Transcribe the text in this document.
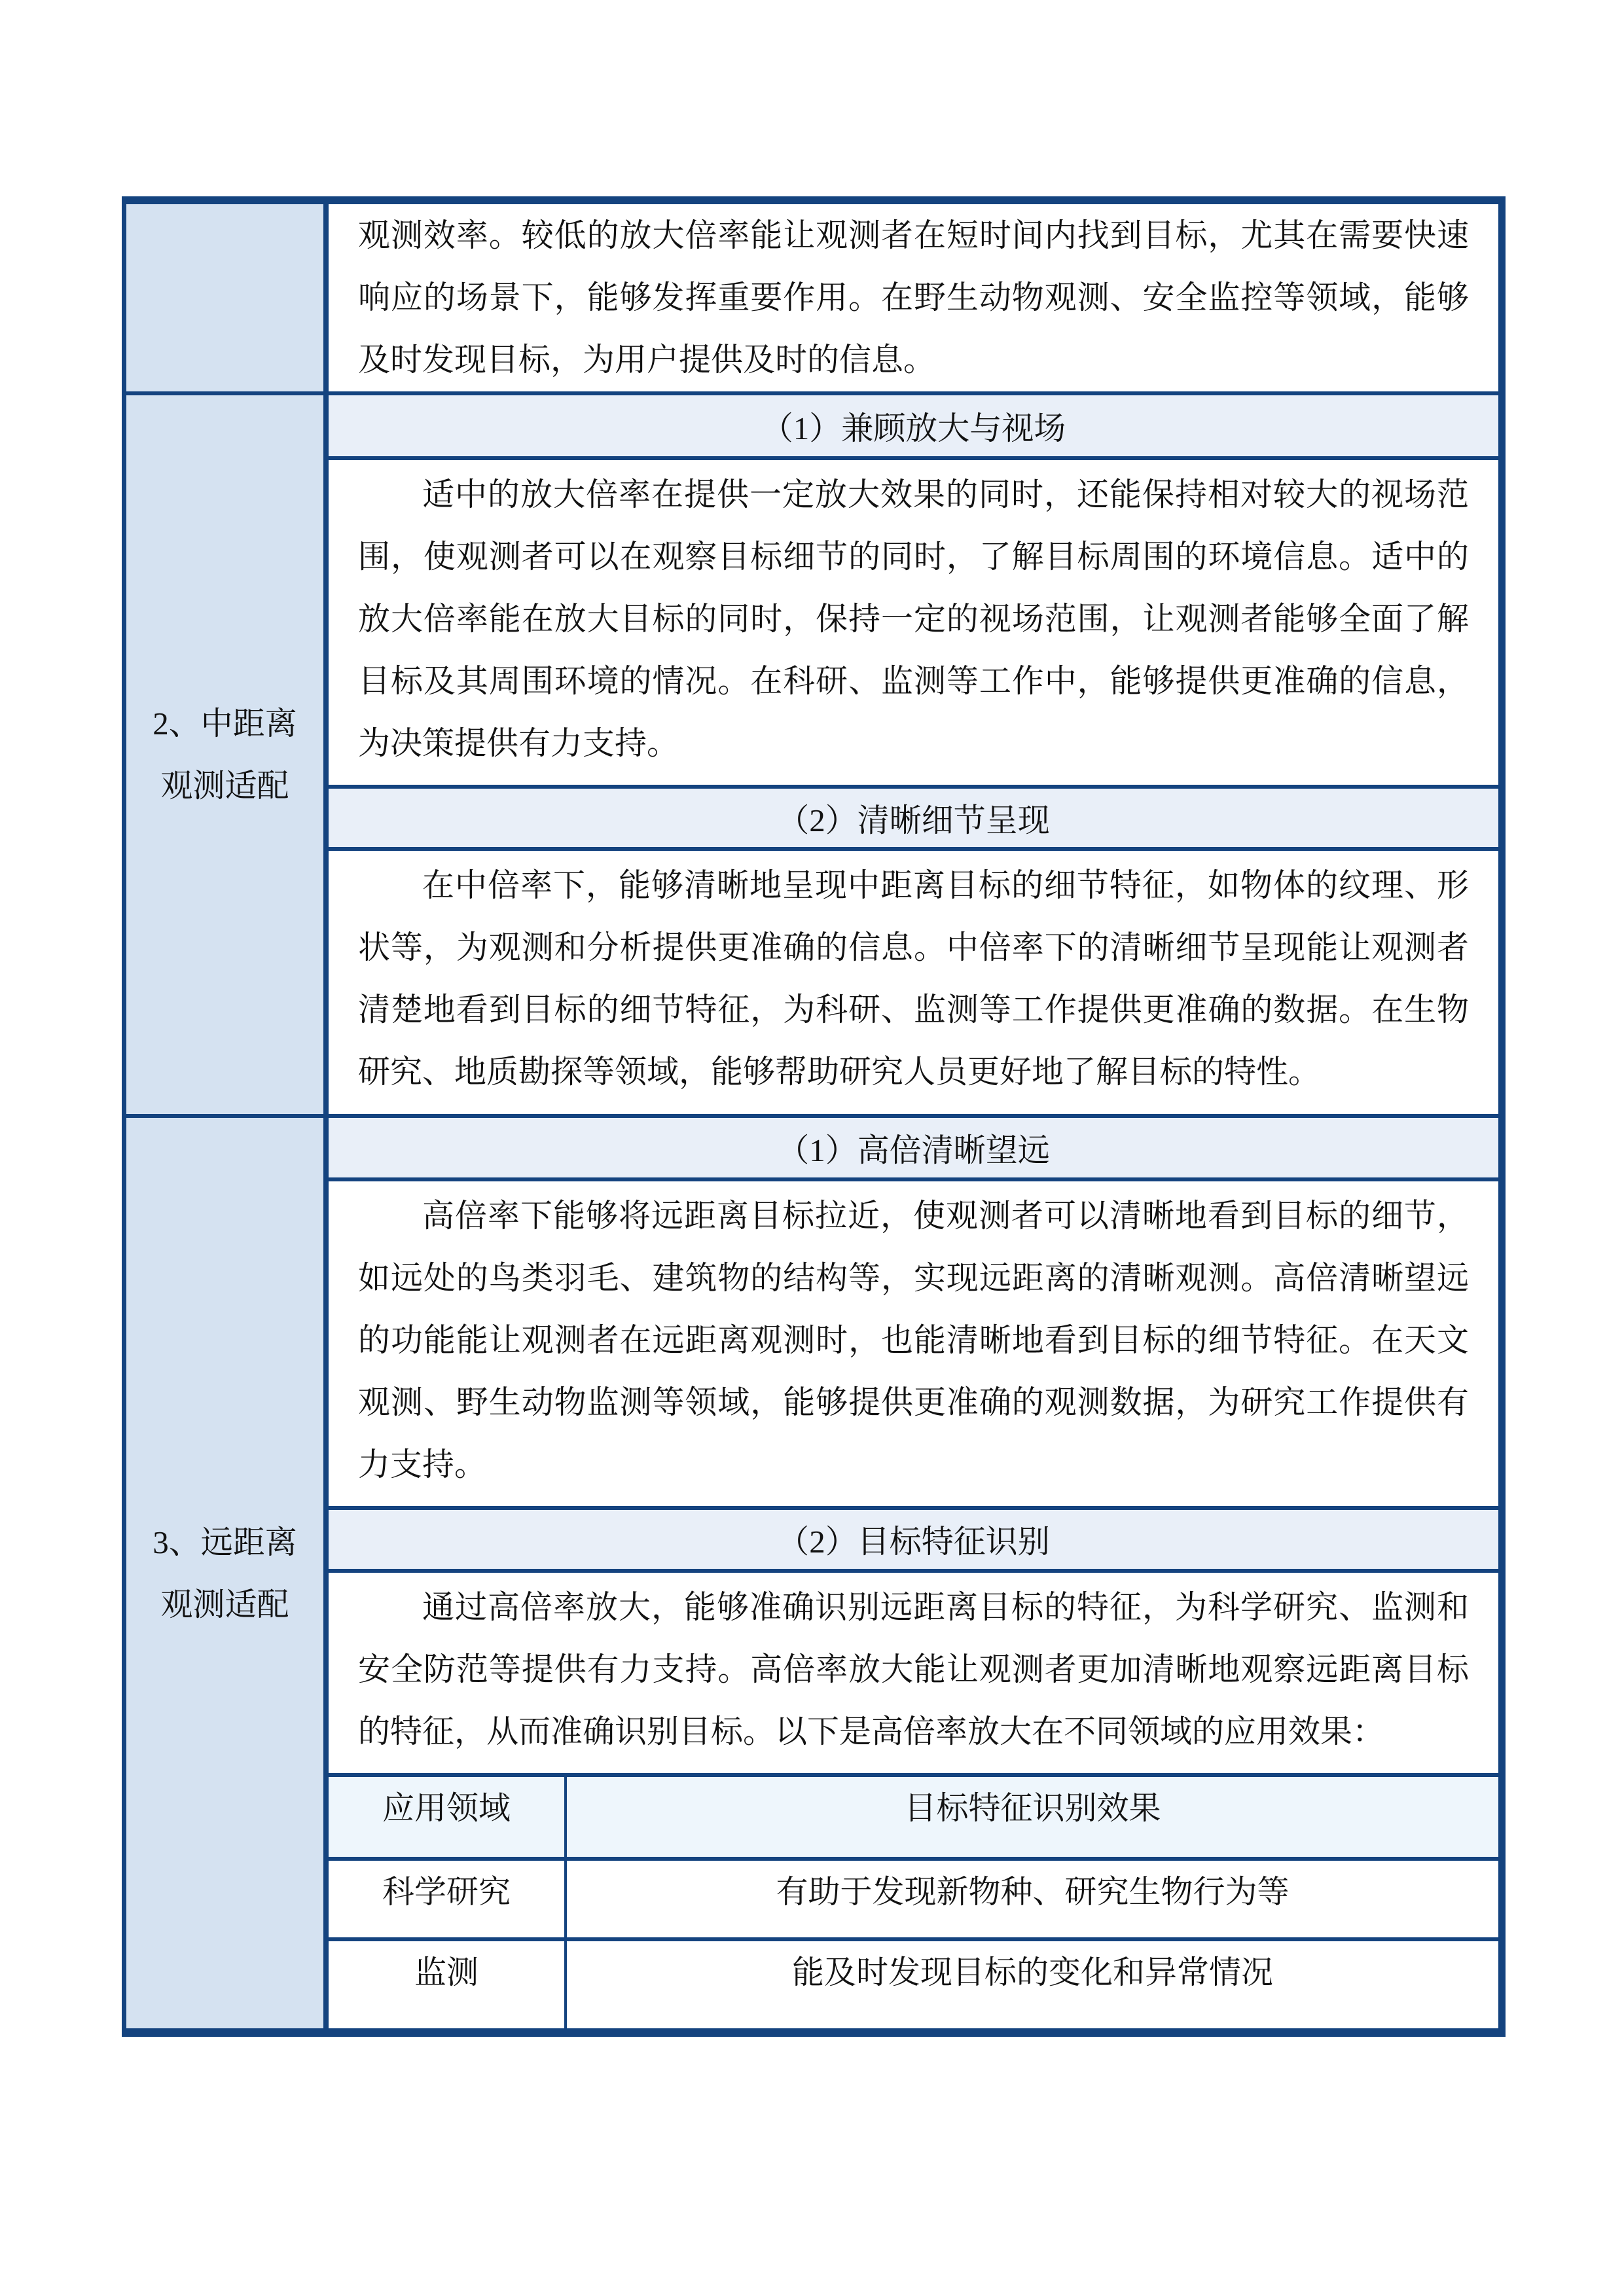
观测效率。较低的放大倍率能让观测者在短时间内找到目标，尤其在需要快速响应的场景下，能够发挥重要作用。在野生动物观测、安全监控等领域，能够及时发现目标，为用户提供及时的信息。
2、中距离
观测适配
（1）兼顾放大与视场
适中的放大倍率在提供一定放大效果的同时，还能保持相对较大的视场范围，使观测者可以在观察目标细节的同时，了解目标周围的环境信息。适中的放大倍率能在放大目标的同时，保持一定的视场范围，让观测者能够全面了解目标及其周围环境的情况。在科研、监测等工作中，能够提供更准确的信息，为决策提供有力支持。
（2）清晰细节呈现
在中倍率下，能够清晰地呈现中距离目标的细节特征，如物体的纹理、形状等，为观测和分析提供更准确的信息。中倍率下的清晰细节呈现能让观测者清楚地看到目标的细节特征，为科研、监测等工作提供更准确的数据。在生物研究、地质勘探等领域，能够帮助研究人员更好地了解目标的特性。
3、远距离
观测适配
（1）高倍清晰望远
高倍率下能够将远距离目标拉近，使观测者可以清晰地看到目标的细节，如远处的鸟类羽毛、建筑物的结构等，实现远距离的清晰观测。高倍清晰望远的功能能让观测者在远距离观测时，也能清晰地看到目标的细节特征。在天文观测、野生动物监测等领域，能够提供更准确的观测数据，为研究工作提供有力支持。
（2）目标特征识别
通过高倍率放大，能够准确识别远距离目标的特征，为科学研究、监测和安全防范等提供有力支持。高倍率放大能让观测者更加清晰地观察远距离目标的特征，从而准确识别目标。以下是高倍率放大在不同领域的应用效果：
应用领域	目标特征识别效果
科学研究	有助于发现新物种、研究生物行为等
监测	能及时发现目标的变化和异常情况
